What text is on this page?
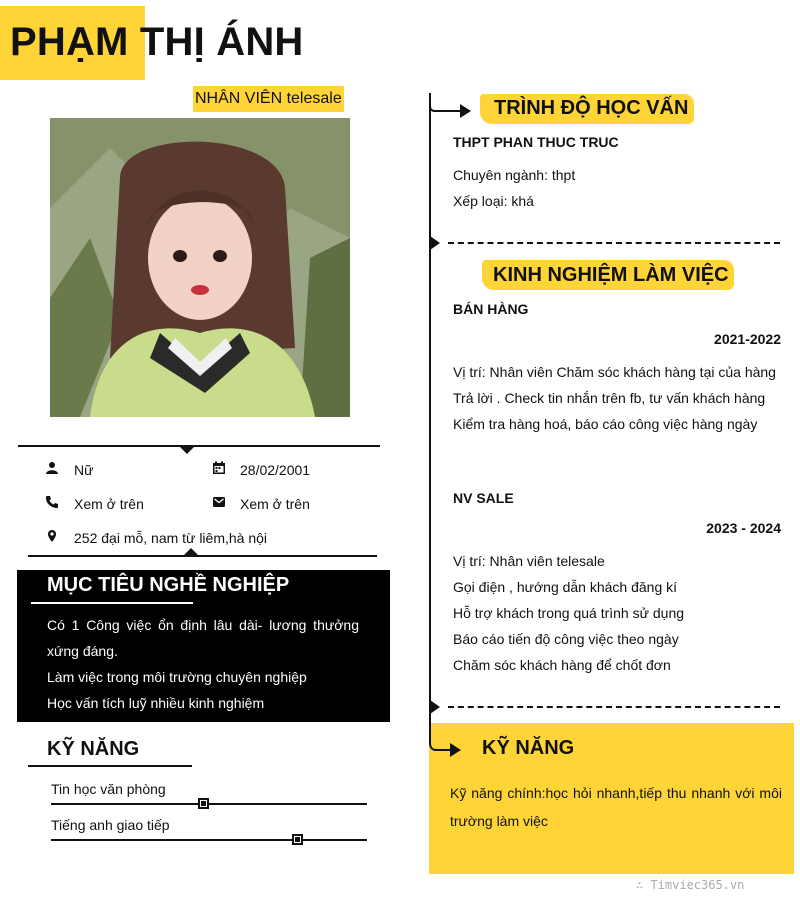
PHẠM THỊ ÁNH
NHÂN VIÊN telesale
Nữ	28/02/2001
Xem ở trên	Xem ở trên
252 đại mỗ, nam từ liêm,hà nội
MỤC TIÊU NGHỀ NGHIỆP
Có 1 Công việc ổn định lâu dài- lương thưởng xứng đáng.
Làm việc trong môi trường chuyên nghiệp
Học vấn tích luỹ nhiều kinh nghiệm
KỸ NĂNG
Tin học văn phòng
Tiếng anh giao tiếp
TRÌNH ĐỘ HỌC VẤN
THPT PHAN THUC TRUC
Chuyên ngành: thpt
Xếp loại: khá
KINH NGHIỆM LÀM VIỆC
BÁN HÀNG
2021-2022
Vị trí: Nhân viên Chăm sóc khách hàng tại của hàng
Trả lời . Check tin nhắn trên fb, tư vấn khách hàng
Kiểm tra hàng hoá, báo cáo công việc hàng ngày
NV SALE
2023 - 2024
Vị trí: Nhân viên telesale
Gọi điện , hướng dẫn khách đăng kí
Hỗ trợ khách trong quá trình sử dụng
Báo cáo tiến độ công việc theo ngày
Chăm sóc khách hàng để chốt đơn
KỸ NĂNG
Kỹ năng chính:học hỏi nhanh,tiếp thu nhanh với môi trường làm việc
∴ Timviec365.vn
